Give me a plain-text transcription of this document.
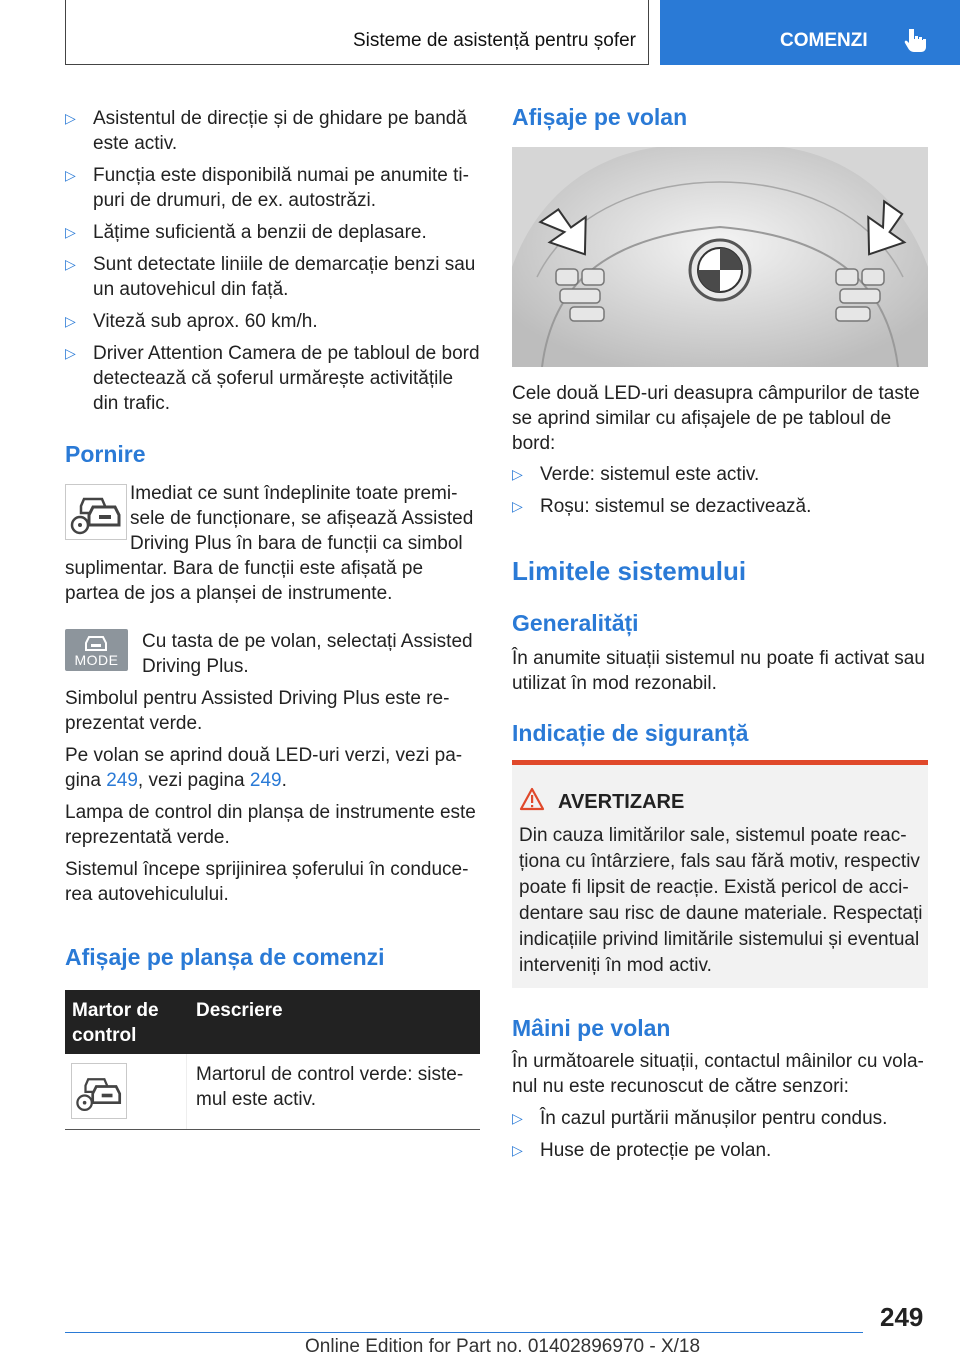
Sisteme de asistență pentru șofer	COMENZI
▷ Asistentul de direcție și de ghidare pe bandă este activ.
▷ Funcția este disponibilă numai pe anumite tipuri de drumuri, de ex. autostrăzi.
▷ Lățime suficientă a benzii de deplasare.
▷ Sunt detectate liniile de demarcație benzi sau un autovehicul din față.
▷ Viteză sub aprox. 60 km/h.
▷ Driver Attention Camera de pe tabloul de bord detectează că șoferul urmărește activitățile din trafic.
Pornire
Imediat ce sunt îndeplinite toate premisele de funcționare, se afișează Assisted Driving Plus în bara de funcții ca simbol
suplimentar. Bara de funcții este afișată pe partea de jos a planșei de instrumente.
MODE
Cu tasta de pe volan, selectați Assisted Driving Plus.
Simbolul pentru Assisted Driving Plus este reprezentat verde.
Pe volan se aprind două LED-uri verzi, vezi pagina 249, vezi pagina 249.
Lampa de control din planșa de instrumente este reprezentată verde.
Sistemul începe sprijinirea șoferului în conducerea autovehiculului.
Afișaje pe planșa de comenzi
Martor de control
Descriere
Martorul de control verde: sistemul este activ.
Afișaje pe volan
Cele două LED-uri deasupra câmpurilor de taste se aprind similar cu afișajele de pe tabloul de bord:
▷ Verde: sistemul este activ.
▷ Roșu: sistemul se dezactivează.
Limitele sistemului
Generalități
În anumite situații sistemul nu poate fi activat sau utilizat în mod rezonabil.
Indicație de siguranță
AVERTIZARE
Din cauza limitărilor sale, sistemul poate reacționa cu întârziere, fals sau fără motiv, respectiv poate fi lipsit de reacție. Există pericol de accidentare sau risc de daune materiale. Respectați indicațiile privind limitările sistemului și eventual interveniți în mod activ.
Mâini pe volan
În următoarele situații, contactul mâinilor cu volanul nu este recunoscut de către senzori:
▷ În cazul purtării mănușilor pentru condus.
▷ Huse de protecție pe volan.
249
Online Edition for Part no. 01402896970 - X/18
